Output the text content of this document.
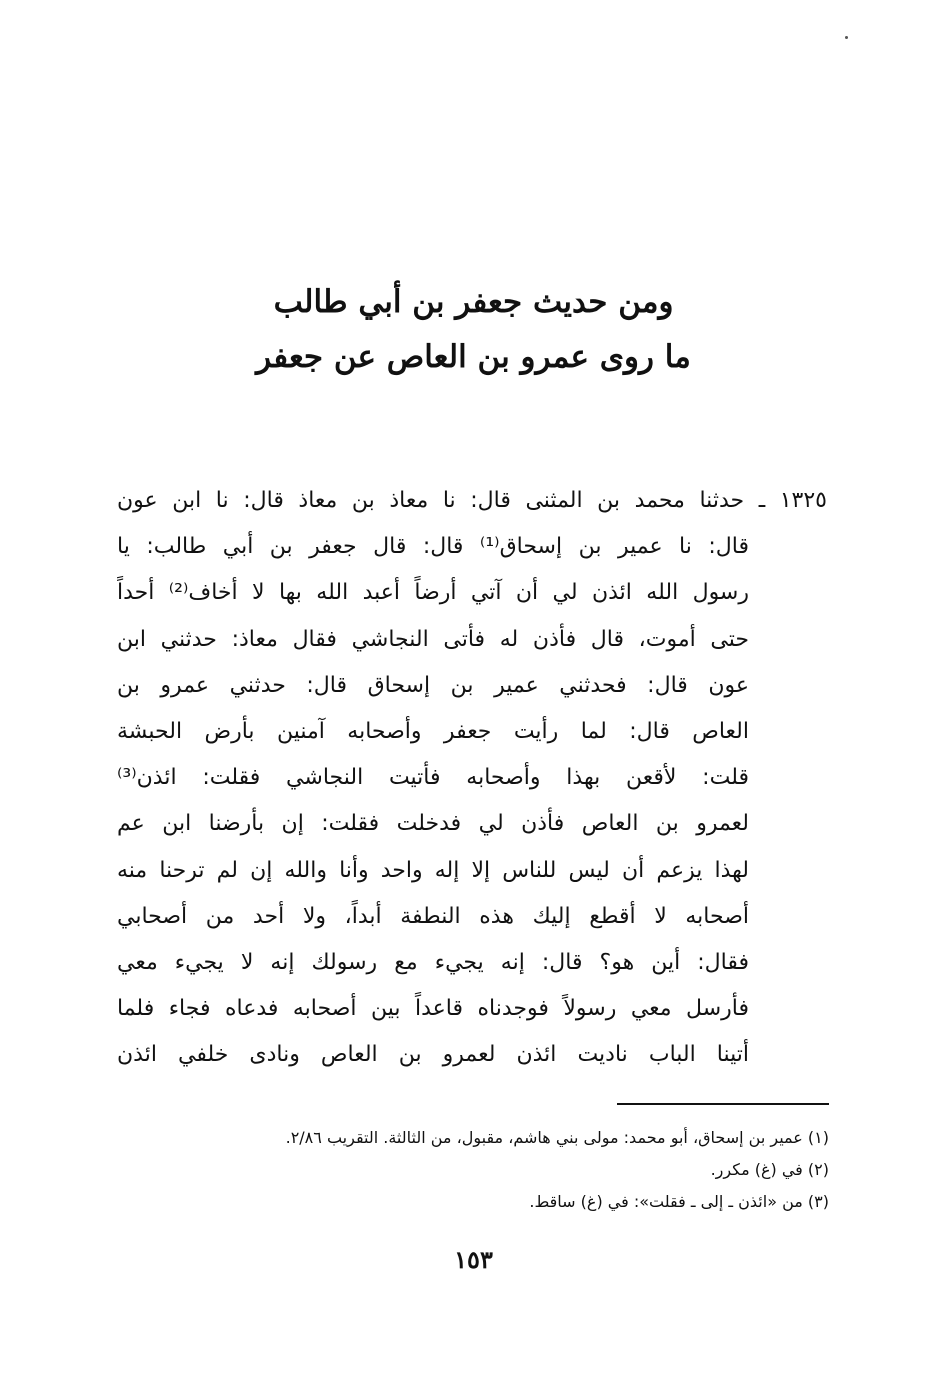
ومن حديث جعفر بن أبي طالب
ما روى عمرو بن العاص عن جعفر
١٣٢٥ ـ حدثنا محمد بن المثنى قال: نا معاذ بن معاذ قال: نا ابن عون
قال: نا عمير بن إسحاق⁽¹⁾ قال: قال جعفر بن أبي طالب: يا
رسول الله ائذن لي أن آتي أرضاً أعبد الله بها لا أخاف⁽²⁾ أحداً
حتى أموت، قال فأذن له فأتى النجاشي فقال معاذ: حدثني ابن
عون قال: فحدثني عمير بن إسحاق قال: حدثني عمرو بن
العاص قال: لما رأيت جعفر وأصحابه آمنين بأرض الحبشة
قلت: لأقعن بهذا وأصحابه فأتيت النجاشي فقلت: ائذن⁽³⁾
لعمرو بن العاص فأذن لي فدخلت فقلت: إن بأرضنا ابن عم
لهذا يزعم أن ليس للناس إلا إله واحد وأنا والله إن لم ترحنا منه
أصحابه لا أقطع إليك هذه النطفة أبداً، ولا أحد من أصحابي
فقال: أين هو؟ قال: إنه يجيء مع رسولك إنه لا يجيء معي
فأرسل معي رسولاً فوجدناه قاعداً بين أصحابه فدعاه فجاء فلما
أتينا الباب ناديت ائذن لعمرو بن العاص ونادى خلفي ائذن
(١) عمير بن إسحاق، أبو محمد: مولى بني هاشم، مقبول، من الثالثة. التقريب ٢/٨٦.
(٢) في (غ) مكرر.
(٣) من «ائذن ـ إلى ـ فقلت»: في (غ) ساقط.
١٥٣
